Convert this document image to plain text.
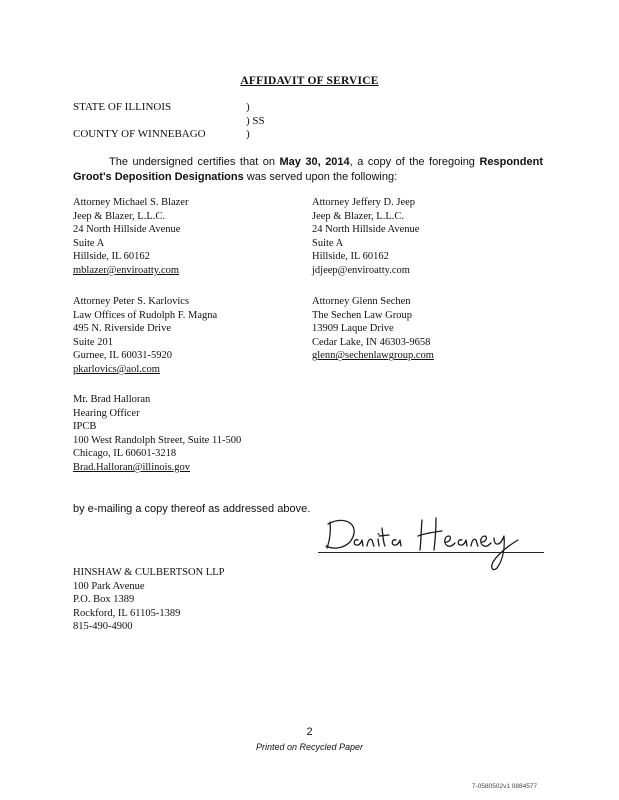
AFFIDAVIT OF SERVICE
STATE OF ILLINOIS	)
) SS
COUNTY OF WINNEBAGO	)
The undersigned certifies that on May 30, 2014, a copy of the foregoing Respondent Groot's Deposition Designations was served upon the following:
Attorney Michael S. Blazer
Jeep & Blazer, L.L.C.
24 North Hillside Avenue
Suite A
Hillside, IL 60162
mblazer@enviroatty.com
Attorney Jeffery D. Jeep
Jeep & Blazer, L.L.C.
24 North Hillside Avenue
Suite A
Hillside, IL 60162
jdjeep@enviroatty.com
Attorney Peter S. Karlovics
Law Offices of Rudolph F. Magna
495 N. Riverside Drive
Suite 201
Gurnee, IL 60031-5920
pkarlovics@aol.com
Attorney Glenn Sechen
The Sechen Law Group
13909 Laque Drive
Cedar Lake, IN 46303-9658
glenn@sechenlawgroup.com
Mr. Brad Halloran
Hearing Officer
IPCB
100 West Randolph Street, Suite 11-500
Chicago, IL 60601-3218
Brad.Halloran@illinois.gov
by e-mailing a copy thereof as addressed above.
HINSHAW & CULBERTSON LLP
100 Park Avenue
P.O. Box 1389
Rockford, IL 61105-1389
815-490-4900
2
Printed on Recycled Paper
7-0580502v1 0884577
